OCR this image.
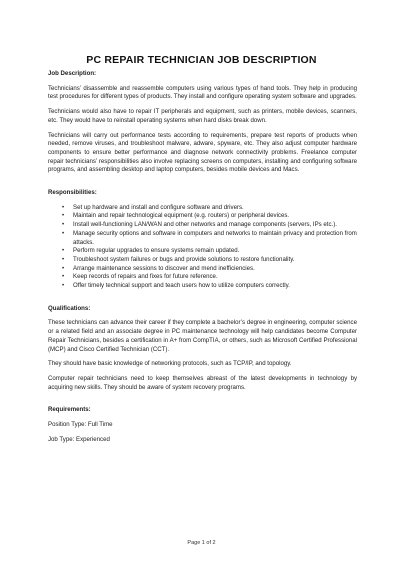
PC REPAIR TECHNICIAN JOB DESCRIPTION
Job Description:

Technicians’ disassemble and reassemble computers using various types of hand tools. They help in producing test procedures for different types of products. They install and configure operating system software and upgrades.

Technicians would also have to repair IT peripherals and equipment, such as printers, mobile devices, scanners, etc. They would have to reinstall operating systems when hard disks break down.

Technicians will carry out performance tests according to requirements, prepare test reports of products when needed, remove viruses, and troubleshoot malware, adware, spyware, etc. They also adjust computer hardware components to ensure better performance and diagnose network connectivity problems. Freelance computer repair technicians’ responsibilities also involve replacing screens on computers, installing and configuring software programs, and assembling desktop and laptop computers, besides mobile devices and Macs.

Responsibilities:
• Set up hardware and install and configure software and drivers.
• Maintain and repair technological equipment (e.g. routers) or peripheral devices.
• Install well-functioning LAN/WAN and other networks and manage components (servers, IPs etc.).
• Manage security options and software in computers and networks to maintain privacy and protection from attacks.
• Perform regular upgrades to ensure systems remain updated.
• Troubleshoot system failures or bugs and provide solutions to restore functionality.
• Arrange maintenance sessions to discover and mend inefficiencies.
• Keep records of repairs and fixes for future reference.
• Offer timely technical support and teach users how to utilize computers correctly.
Qualifications:

These technicians can advance their career if they complete a bachelor’s degree in engineering, computer science or a related field and an associate degree in PC maintenance technology will help candidates become Computer Repair Technicians, besides a certification in A+ from CompTIA, or others, such as Microsoft Certified Professional (MCP) and Cisco Certified Technician (CCT).

They should have basic knowledge of networking protocols, such as TCP/IP, and topology.

Computer repair technicians need to keep themselves abreast of the latest developments in technology by acquiring new skills. They should be aware of system recovery programs.

Requirements:

Position Type: Full Time

Job Type: Experienced

Page 1 of 2
